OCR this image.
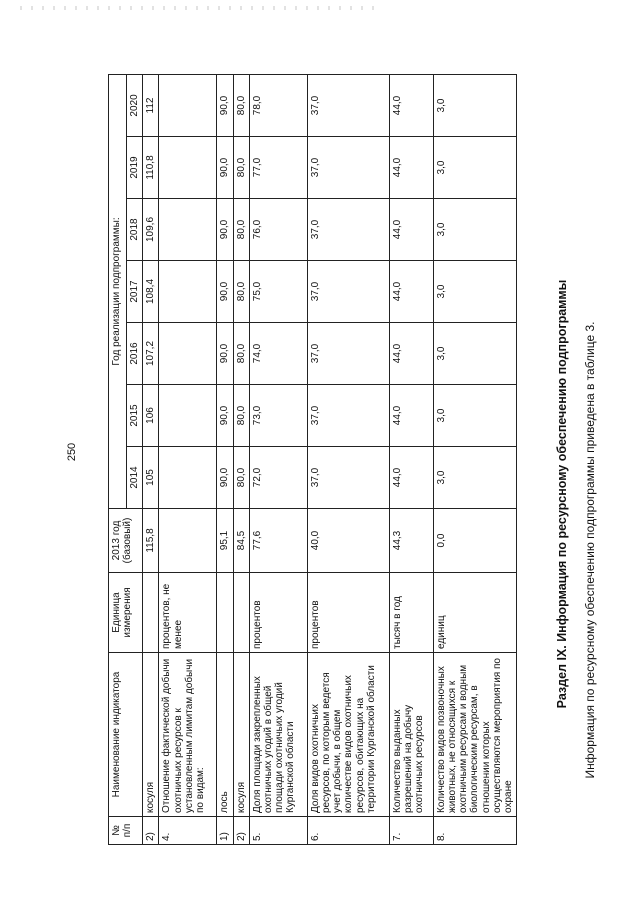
250
№ п/п	Наименование индикатора	Единица измерения	2013 год (базовый)	Год реализации подпрограммы:						
				2014	2015	2016	2017	2018	2019	2020
2)	косуля		115,8	105	106	107,2	108,4	109,6	110,8	112
4.	Отношение фактической добычи охотничьих ресурсов к установленным лимитам добычи по видам:	процентов, не менее								
1)	лось		95,1	90,0	90,0	90,0	90,0	90,0	90,0	90,0
2)	косуля		84,5	80,0	80,0	80,0	80,0	80,0	80,0	80,0
5.	Доля площади закрепленных охотничьих угодий в общей площади охотничьих угодий Курганской области	процентов	77,6	72,0	73,0	74,0	75,0	76,0	77,0	78,0
6.	Доля видов охотничьих ресурсов, по которым ведется учет добычи, в общем количестве видов охотничьих ресурсов, обитающих на территории Курганской области	процентов	40,0	37,0	37,0	37,0	37,0	37,0	37,0	37,0
7.	Количество выданных разрешений на добычу охотничьих ресурсов	тысяч в год	44,3	44,0	44,0	44,0	44,0	44,0	44,0	44,0
8.	Количество видов позвоночных животных, не относящихся к охотничьим ресурсам и водным биологическим ресурсам, в отношении которых осуществляются мероприятия по охране	единиц	0,0	3,0	3,0	3,0	3,0	3,0	3,0	3,0
Раздел IX. Информация по ресурсному обеспечению подпрограммы Информация по ресурсному обеспечению подпрограммы приведена в таблице 3.
